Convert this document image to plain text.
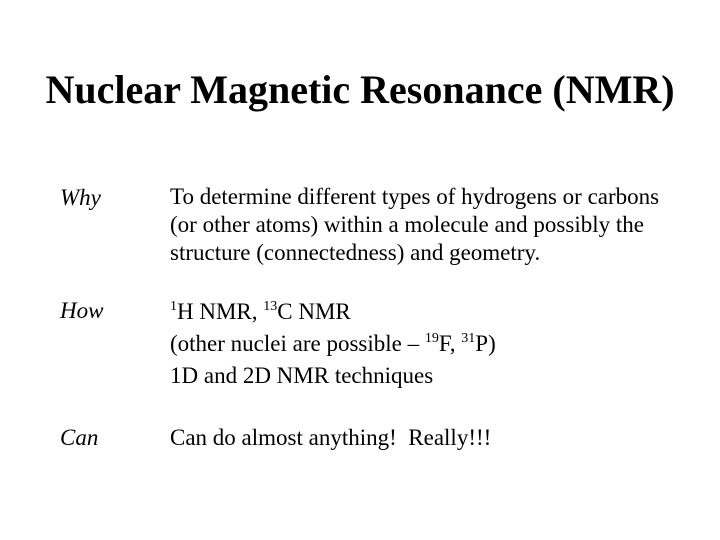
Nuclear Magnetic Resonance (NMR)
Why	To determine different types of hydrogens or carbons
(or other atoms) within a molecule and possibly the
structure (connectedness) and geometry.
How	$^1$H NMR, $^{13}$C NMR
(other nuclei are possible – $^{19}$F, $^{31}$P)
1D and 2D NMR techniques
Can	Can do almost anything!  Really!!!
